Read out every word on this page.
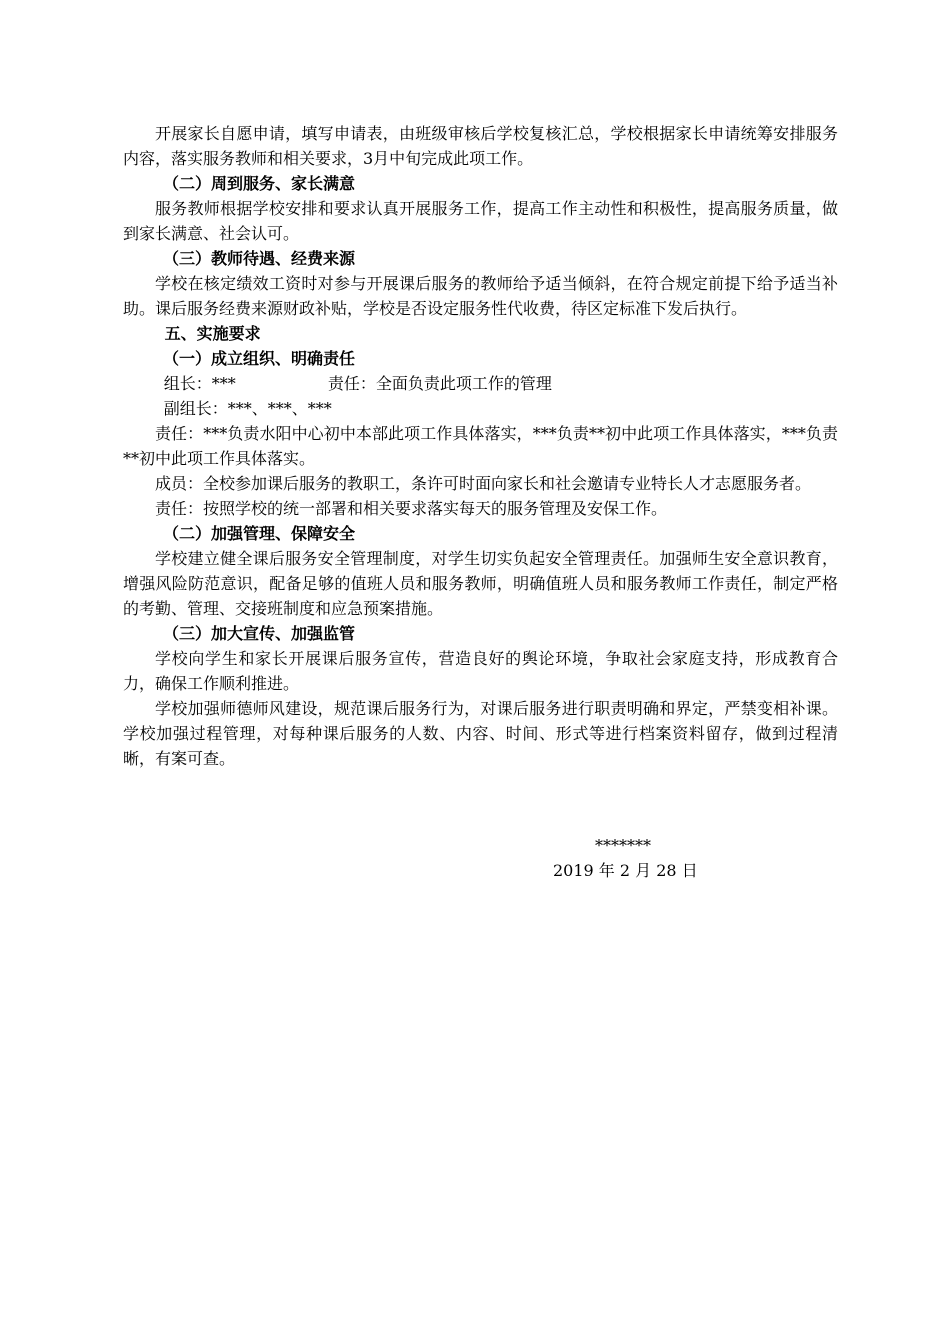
开展家长自愿申请，填写申请表，由班级审核后学校复核汇总，学校根据家长申请统筹安排服务内容，落实服务教师和相关要求，3月中旬完成此项工作。

（二）周到服务、家长满意

服务教师根据学校安排和要求认真开展服务工作，提高工作主动性和积极性，提高服务质量，做到家长满意、社会认可。

（三）教师待遇、经费来源

学校在核定绩效工资时对参与开展课后服务的教师给予适当倾斜，在符合规定前提下给予适当补助。课后服务经费来源财政补贴，学校是否设定服务性代收费，待区定标准下发后执行。

五、实施要求

（一）成立组织、明确责任

组长：***	责任：全面负责此项工作的管理

副组长：***、***、***

责任：***负责水阳中心初中本部此项工作具体落实，***负责**初中此项工作具体落实，***负责**初中此项工作具体落实。

成员：全校参加课后服务的教职工，条许可时面向家长和社会邀请专业特长人才志愿服务者。

责任：按照学校的统一部署和相关要求落实每天的服务管理及安保工作。

（二）加强管理、保障安全

学校建立健全课后服务安全管理制度，对学生切实负起安全管理责任。加强师生安全意识教育，增强风险防范意识，配备足够的值班人员和服务教师，明确值班人员和服务教师工作责任，制定严格的考勤、管理、交接班制度和应急预案措施。

（三）加大宣传、加强监管

学校向学生和家长开展课后服务宣传，营造良好的舆论环境，争取社会家庭支持，形成教育合力，确保工作顺利推进。

学校加强师德师风建设，规范课后服务行为，对课后服务进行职责明确和界定，严禁变相补课。学校加强过程管理，对每种课后服务的人数、内容、时间、形式等进行档案资料留存，做到过程清晰，有案可查。

*******
2019 年 2 月 28 日
